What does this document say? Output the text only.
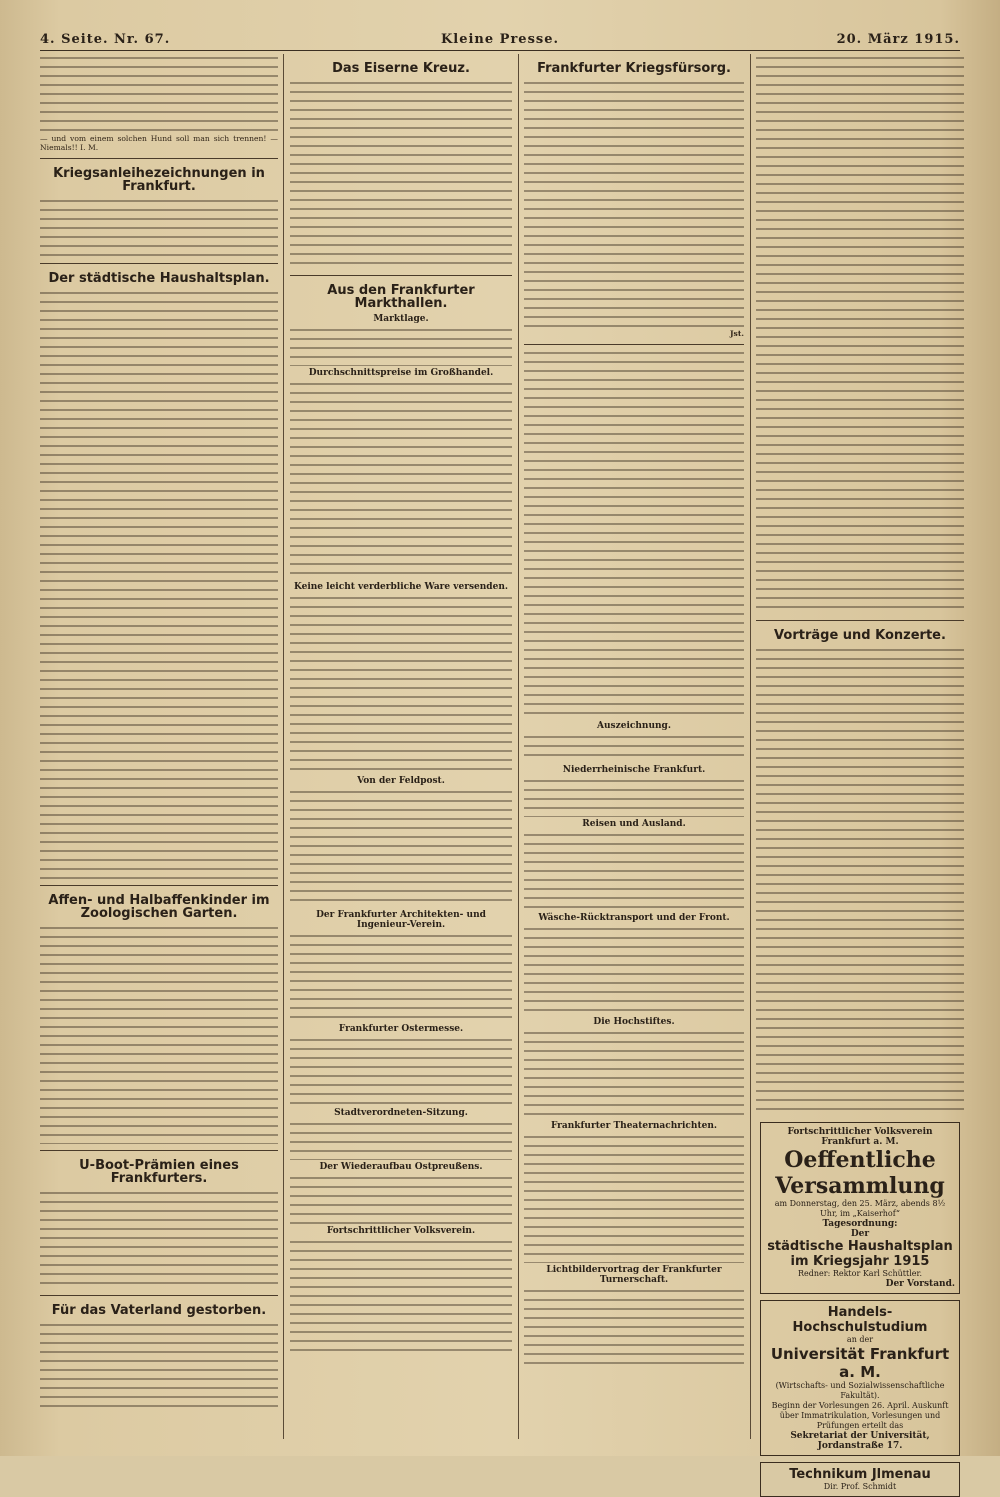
4. Seite. Nr. 67.	Kleine Presse.	20. März 1915.
— und vom einem solchen Hund soll man sich trennen! — Niemals!! I. M.
Kriegsanleihezeichnungen in Frankfurt.
Der städtische Haushaltsplan.
Affen- und Halbaffenkinder im Zoologischen Garten.
U-Boot-Prämien eines Frankfurters.
Für das Vaterland gestorben.
Das Eiserne Kreuz.
Aus den Frankfurter Markthallen.
Marktlage.
Durchschnittspreise im Großhandel.
Keine leicht verderbliche Ware versenden.
Von der Feldpost.
Der Frankfurter Architekten- und Ingenieur-Verein.
Frankfurter Ostermesse.
Stadtverordneten-Sitzung.
Der Wiederaufbau Ostpreußens.
Fortschrittlicher Volksverein.
Frankfurter Kriegsfürsorg.
Jst.
Auszeichnung.
Niederrheinische Frankfurt.
Reisen und Ausland.
Wäsche-Rücktransport und der Front.
Die Hochstiftes.
Frankfurter Theaternachrichten.
Lichtbildervortrag der Frankfurter Turnerschaft.
Vorträge und Konzerte.
Fortschrittlicher Volksverein Frankfurt a. M.
Oeffentliche Versammlung
am Donnerstag, den 25. März, abends 8½ Uhr, im „Kaiserhof“
Tagesordnung:
Der
städtische Haushaltsplan im Kriegsjahr 1915
Redner: Rektor Karl Schüttler.
Der Vorstand.
Handels-Hochschulstudium
an der
Universität Frankfurt a. M.
(Wirtschafts- und Sozialwissenschaftliche Fakultät).
Beginn der Vorlesungen 26. April. Auskunft über Immatrikulation, Vorlesungen und Prüfungen erteilt das
Sekretariat der Universität, Jordanstraße 17.
Technikum Jlmenau
Dir. Prof. Schmidt
